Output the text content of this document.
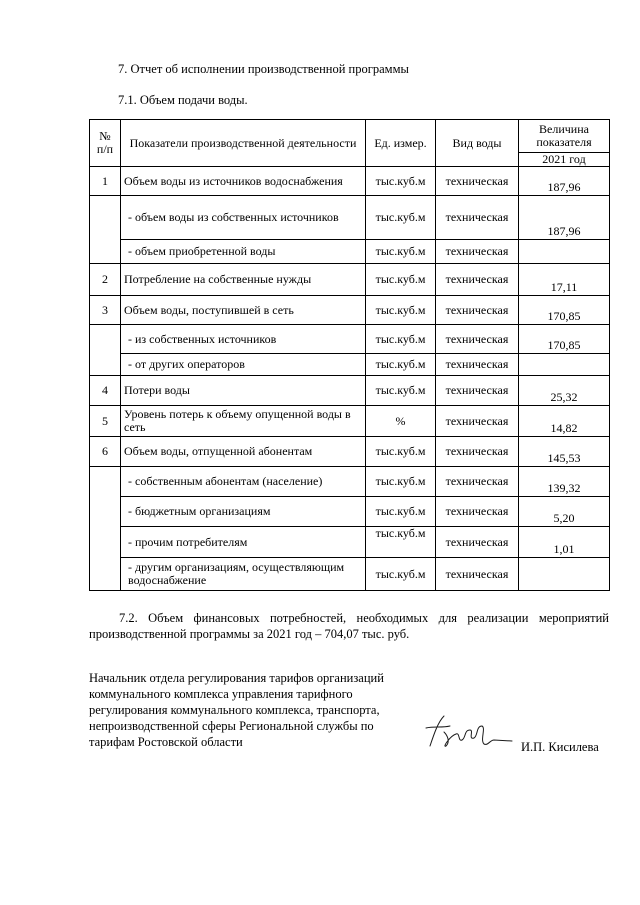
7. Отчет об исполнении производственной программы
7.1. Объем подачи воды.
№ п/п	Показатели производственной деятельности	Ед. измер.	Вид воды	Величина показателя
				2021 год
1	Объем воды из источников водоснабжения	тыс.куб.м	техническая	187,96
	- объем воды из собственных источников	тыс.куб.м	техническая	187,96
	- объем приобретенной воды	тыс.куб.м	техническая	
2	Потребление на собственные нужды	тыс.куб.м	техническая	17,11
3	Объем воды, поступившей в сеть	тыс.куб.м	техническая	170,85
	- из собственных источников	тыс.куб.м	техническая	170,85
	- от других операторов	тыс.куб.м	техническая	
4	Потери воды	тыс.куб.м	техническая	25,32
5	Уровень потерь к объему опущенной воды в сеть	%	техническая	14,82
6	Объем воды, отпущенной абонентам	тыс.куб.м	техническая	145,53
	- собственным абонентам (население)	тыс.куб.м	техническая	139,32
	- бюджетным организациям	тыс.куб.м	техническая	5,20
	- прочим потребителям	тыс.куб.м	техническая	1,01
	- другим организациям, осуществляющим водоснабжение	тыс.куб.м	техническая	
7.2. Объем финансовых потребностей, необходимых для реализации мероприятий производственной программы за 2021 год – 704,07 тыс. руб.
Начальник отдела регулирования тарифов организаций коммунального комплекса управления тарифного регулирования коммунального комплекса, транспорта, непроизводственной сферы Региональной службы по тарифам Ростовской области	И.П. Кисилева
